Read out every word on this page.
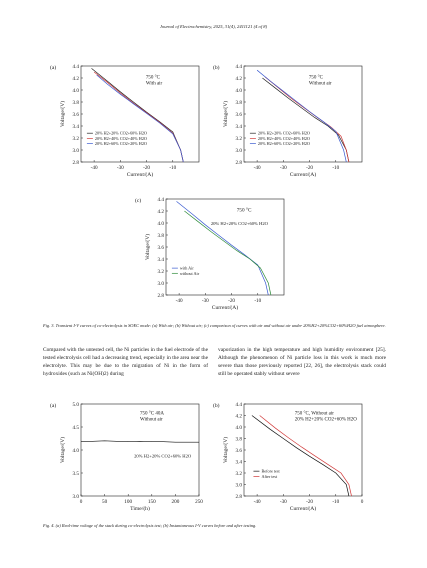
Journal of Electrochemistry, 2025, 31(4), 2411121 (4 of 8)
2.8
3.0
3.2
3.4
3.6
3.8
4.0
4.2
4.4
-40	-30	-20	-10
Current/(A)
Voltage/(V)
(a)
750 °C
With air
20% H2+20% CO2+60% H2O
20% H2+40% CO2+40% H2O
20% H2+60% CO2+20% H2O
2.8
3.0
3.2
3.4
3.6
3.8
4.0
4.2
4.4
-40	-30	-20	-10
Current/(A)
Voltage/(V)
(b)
750 °C
Without air
20% H2+20% CO2+60% H2O
20% H2+40% CO2+40% H2O
20% H2+60% CO2+20% H2O
2.8
3.0
3.2
3.4
3.6
3.8
4.0
4.2
4.4
-40	-30	-20	-10
Current/(A)
Voltage/(V)
(c)
750 °C
20% H2+20% CO2+60% H2O
with Air
without Air
Fig. 3. Transient I-V curves of co-electrolysis in SOEC mode: (a) With air; (b) Without air; (c) comparison of curves with air and without air under 20%H2+20%CO2+60%H2O fuel atmosphere.
Compared with the untested cell, the Ni particles in the fuel electrode of the tested electrolysis cell had a decreasing trend, especially in the area near the electrolyte. This may be due to the migration of Ni in the form of hydroxides (such as Ni(OH)2) during
vaporization in the high temperature and high humidity environment [25]. Although the phenomenon of Ni particle loss in this work is much more severe than those previously reported [22, 26], the electrolysis stack could still be operated stably without severe
3.0
3.5
4.0
4.5
5.0
0	50	100	150	200	250
Time/(h)
Voltage/(V)
(a)
750 °C 40A
Without air
20% H2+20% CO2+60% H2O
2.8
3.0
3.2
3.4
3.6
3.8
4.0
4.2
4.4
-40	-30	-20	-10	0
Current/(A)
Voltage/(V)
(b)
750 °C, Without air
20% H2+20% CO2+60% H2O
Before test
After test
Fig. 4. (a) Real-time voltage of the stack during co-electrolysis test; (b) Instantaneous I-V curves before and after testing.
